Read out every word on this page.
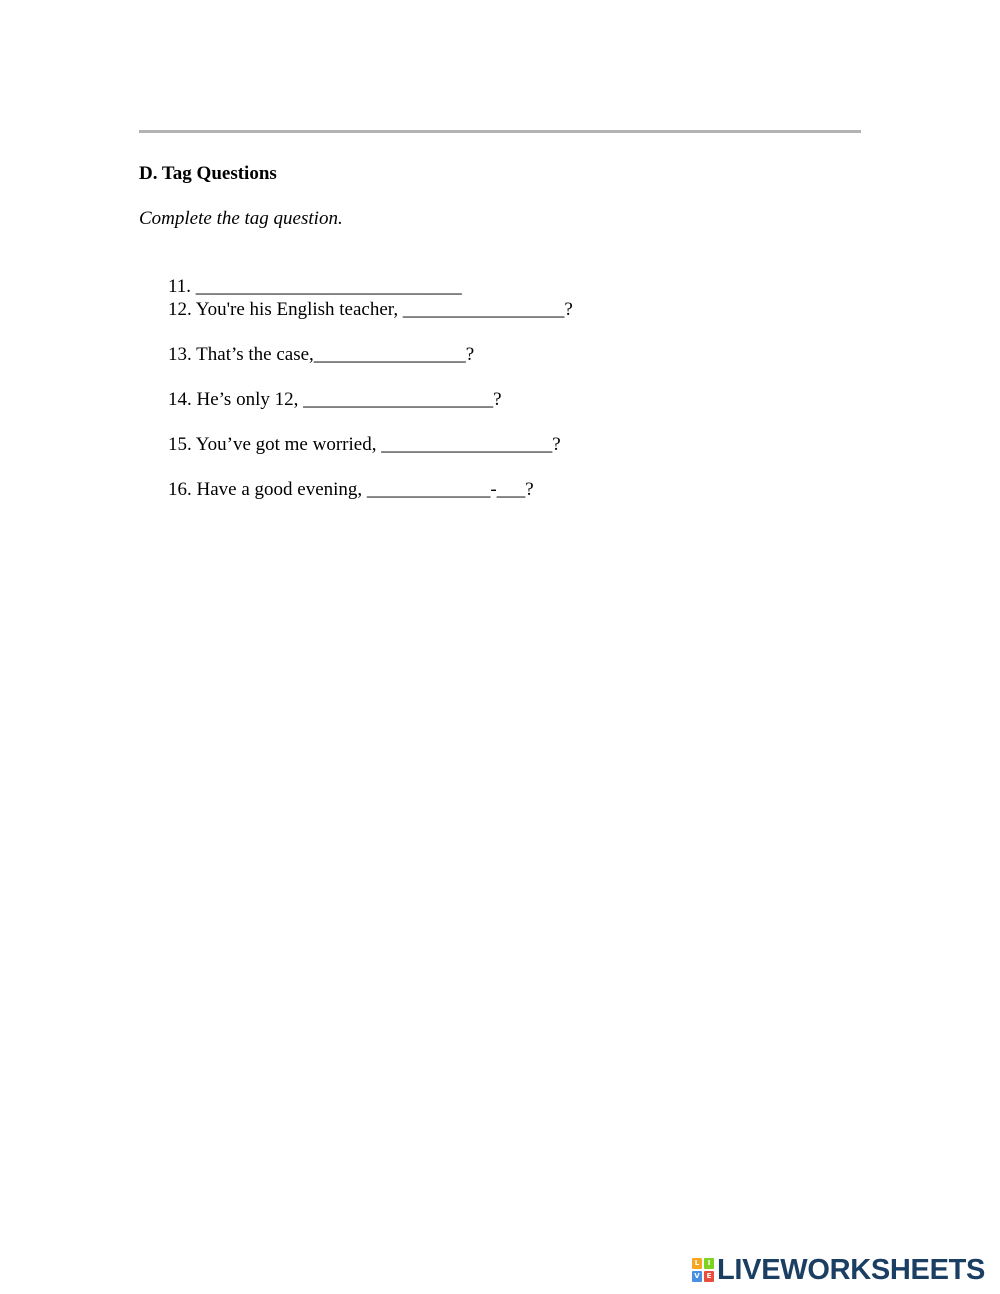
D. Tag Questions
Complete the tag question.
11. ____________________________
12. You're his English teacher, _________________?
13. That’s the case,________________?
14. He’s only 12, ____________________?
15. You’ve got me worried, __________________?
16. Have a good evening, _____________-___?
L	I
V E LIVEWORKSHEETS
